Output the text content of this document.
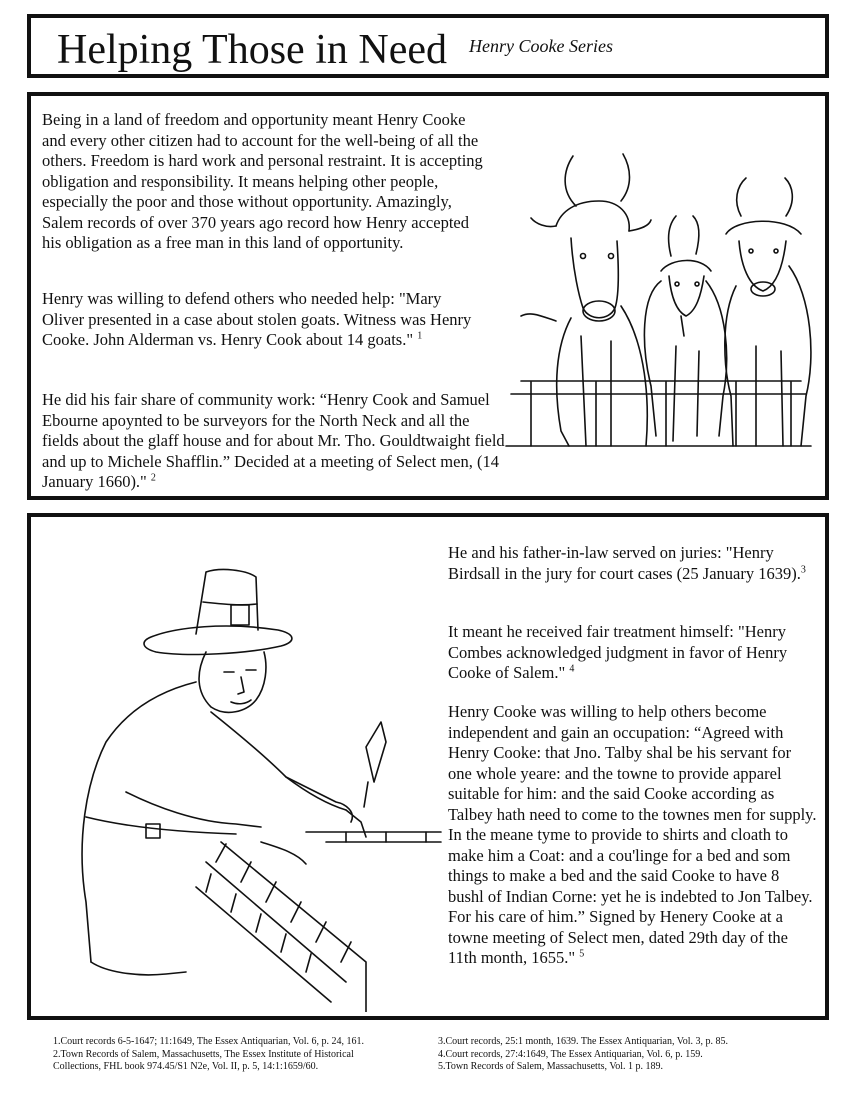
Helping Those in Need Henry Cooke Series

Being in a land of freedom and opportunity meant Henry Cooke and every other citizen had to account for the well-being of all the others. Freedom is hard work and personal restraint. It is accepting obligation and responsibility. It means helping other people, especially the poor and those without opportunity. Amazingly, Salem records of over 370 years ago record how Henry accepted his obligation as a free man in this land of opportunity.

Henry was willing to defend others who needed help: "Mary Oliver presented in a case about stolen goats. Witness was Henry Cooke. John Alderman vs. Henry Cook about 14 goats." $^1$

He did his fair share of community work: “Henry Cook and Samuel Ebourne apoynted to be surveyors for the North Neck and all the fields about the glaff house and for about Mr. Tho. Gouldtwaight field and up to Michele Shafflin.” Decided at a meeting of Select men, (14 January 1660)." $^2$

He and his father-in-law served on juries: "Henry Birdsall in the jury for court cases (25 January 1639).$^3$

It meant he received fair treatment himself: "Henry Combes acknowledged judgment in favor of Henry Cooke of Salem." $^4$

Henry Cooke was willing to help others become independent and gain an occupation: “Agreed with Henry Cooke: that Jno. Talby shal be his servant for one whole yeare: and the towne to provide apparel suitable for him: and the said Cooke according as Talbey hath need to come to the townes men for supply. In the meane tyme to provide to shirts and cloath to make him a Coat: and a cou'linge for a bed and som things to make a bed and the said Cooke to have 8 bushl of Indian Corne: yet he is indebted to Jon Talbey. For his care of him.” Signed by Henery Cooke at a towne meeting of Select men, dated 29th day of the 11th month, 1655." $^5$

1.Court records 6-5-1647; 11:1649, The Essex Antiquarian, Vol. 6, p. 24, 161.
2.Town Records of Salem, Massachusetts, The Essex Institute of Historical
Collections, FHL book 974.45/S1 N2e, Vol. II, p. 5, 14:1:1659/60.
3.Court records, 25:1 month, 1639. The Essex Antiquarian, Vol. 3, p. 85.
4.Court records, 27:4:1649, The Essex Antiquarian, Vol. 6, p. 159.
5.Town Records of Salem, Massachusetts, Vol. 1 p. 189.
